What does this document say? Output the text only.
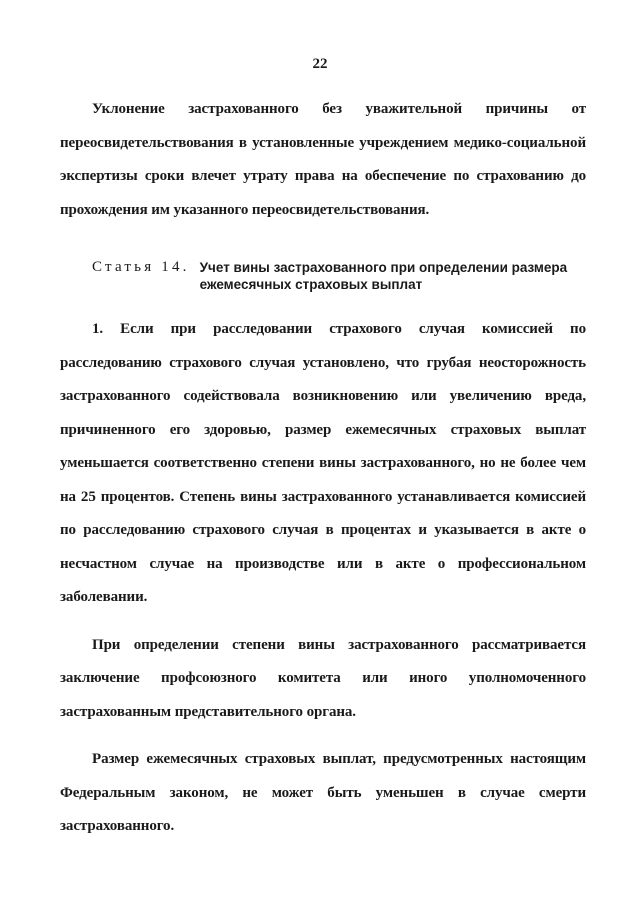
22

Уклонение застрахованного без уважительной причины от переосвидетельствования в установленные учреждением медико-социальной экспертизы сроки влечет утрату права на обеспечение по страхованию до прохождения им указанного переосвидетельствования.

Статья 14. Учет вины застрахованного при определении размера ежемесячных страховых выплат

1. Если при расследовании страхового случая комиссией по расследованию страхового случая установлено, что грубая неосторожность застрахованного содействовала возникновению или увеличению вреда, причиненного его здоровью, размер ежемесячных страховых выплат уменьшается соответственно степени вины застрахованного, но не более чем на 25 процентов. Степень вины застрахованного устанавливается комиссией по расследованию страхового случая в процентах и указывается в акте о несчастном случае на производстве или в акте о профессиональном заболевании.

При определении степени вины застрахованного рассматривается заключение профсоюзного комитета или иного уполномоченного застрахованным представительного органа.

Размер ежемесячных страховых выплат, предусмотренных настоящим Федеральным законом, не может быть уменьшен в случае смерти застрахованного.
